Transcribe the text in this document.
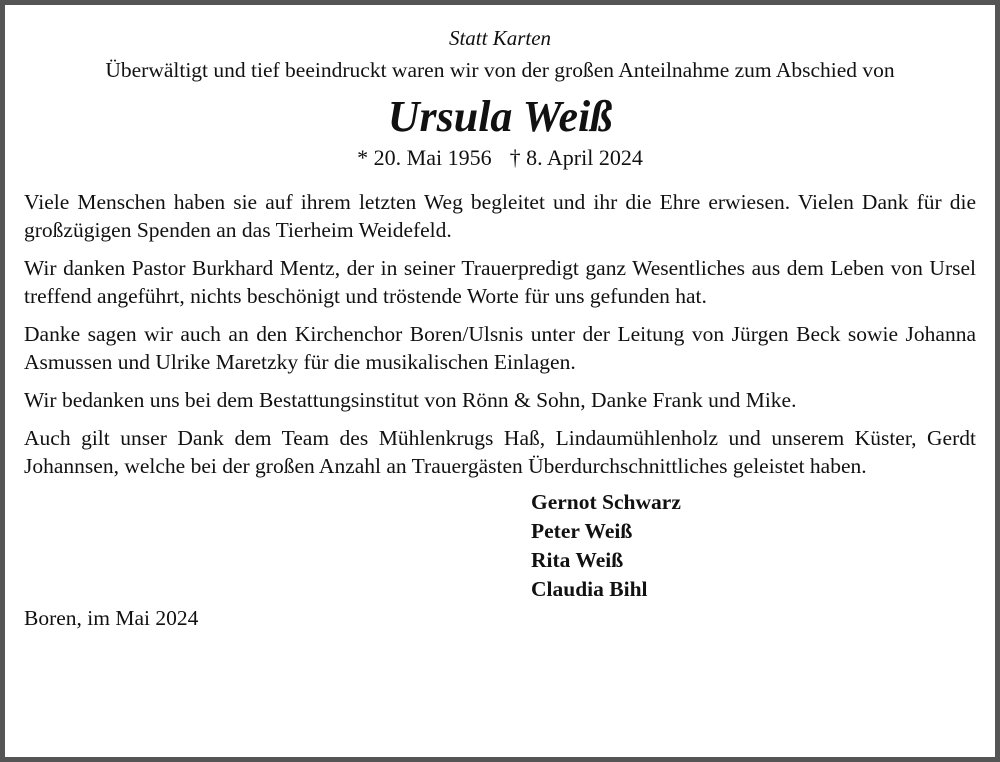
Statt Karten
Überwältigt und tief beeindruckt waren wir von der großen Anteilnahme zum Abschied von
Ursula Weiß
* 20. Mai 1956 † 8. April 2024

Viele Menschen haben sie auf ihrem letzten Weg begleitet und ihr die Ehre erwiesen. Vielen Dank für die großzügigen Spenden an das Tierheim Weidefeld.

Wir danken Pastor Burkhard Mentz, der in seiner Trauerpredigt ganz Wesentliches aus dem Leben von Ursel treffend angeführt, nichts beschönigt und tröstende Worte für uns gefunden hat.

Danke sagen wir auch an den Kirchenchor Boren/Ulsnis unter der Leitung von Jürgen Beck sowie Johanna Asmussen und Ulrike Maretzky für die musikalischen Einlagen.

Wir bedanken uns bei dem Bestattungsinstitut von Rönn & Sohn, Danke Frank und Mike.

Auch gilt unser Dank dem Team des Mühlenkrugs Haß, Lindaumühlenholz und unserem Küster, Gerdt Johannsen, welche bei der großen Anzahl an Trauergästen Überdurchschnittliches geleistet haben.

Gernot Schwarz
Peter Weiß
Rita Weiß
Claudia Bihl
Boren, im Mai 2024
